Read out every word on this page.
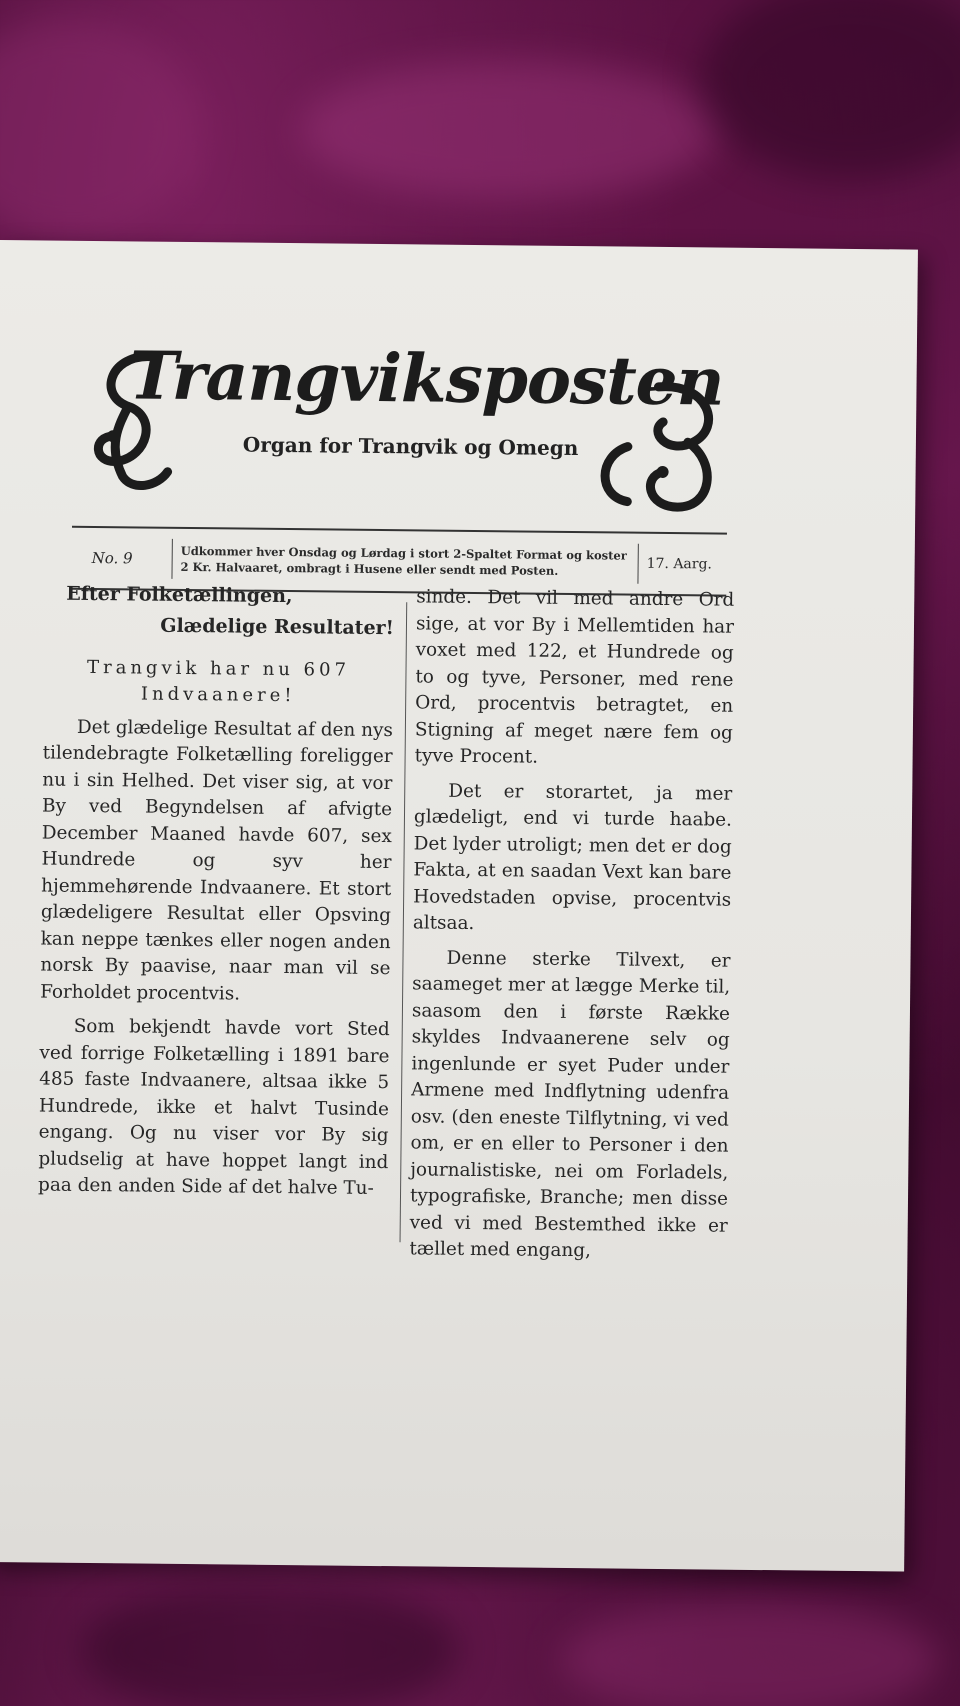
Trangviksposten
Organ for Trangvik og Omegn
No. 9	Udkommer hver Onsdag og Lørdag i stort 2-Spaltet Format og koster 2 Kr. Halvaaret, ombragt i Husene eller sendt med Posten.	17. Aarg.
Efter Folketællingen,
Glædelige Resultater!
Trangvik har nu 607 Indvaanere!

Det glædelige Resultat af den nys tilendebragte Folketælling foreligger nu i sin Helhed. Det viser sig, at vor By ved Begyndelsen af afvigte December Maaned havde 607, sex Hundrede og syv her hjemmehørende Indvaanere. Et stort glædeligere Resultat eller Opsving kan neppe tænkes eller nogen anden norsk By paavise, naar man vil se Forholdet procentvis.

Som bekjendt havde vort Sted ved forrige Folketælling i 1891 bare 485 faste Indvaanere, altsaa ikke 5 Hundrede, ikke et halvt Tusinde engang. Og nu viser vor By sig pludselig at have hoppet langt ind paa den anden Side af det halve Tu-

sinde. Det vil med andre Ord sige, at vor By i Mellemtiden har voxet med 122, et Hundrede og to og tyve, Personer, med rene Ord, procentvis betragtet, en Stigning af meget nære fem og tyve Procent.

Det er storartet, ja mer glædeligt, end vi turde haabe. Det lyder utroligt; men det er dog Fakta, at en saadan Vext kan bare Hovedstaden opvise, procentvis altsaa.

Denne sterke Tilvext, er saameget mer at lægge Merke til, saasom den i første Række skyldes Indvaanerene selv og ingenlunde er syet Puder under Armene med Indflytning udenfra osv. (den eneste Tilflytning, vi ved om, er en eller to Personer i den journalistiske, nei om Forladels, typografiske, Branche; men disse ved vi med Bestemthed ikke er tællet med engang,
